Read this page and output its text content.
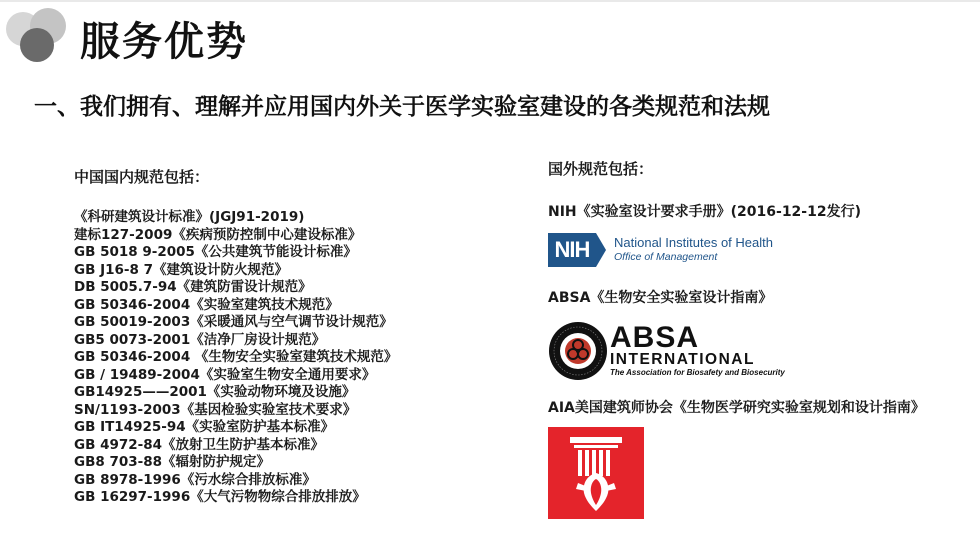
服务优势
一、我们拥有、理解并应用国内外关于医学实验室建设的各类规范和法规

中国国内规范包括：

《科研建筑设计标准》(JGJ91-2019)
建标127-2009《疾病预防控制中心建设标准》
GB 5018 9-2005《公共建筑节能设计标准》
GB J16-8 7《建筑设计防火规范》
DB 5005.7-94《建筑防雷设计规范》
GB 50346-2004《实验室建筑技术规范》
GB 50019-2003《采暖通风与空气调节设计规范》
GB5 0073-2001《洁净厂房设计规范》
GB 50346-2004 《生物安全实验室建筑技术规范》
GB / 19489-2004《实验室生物安全通用要求》
GB14925——2001《实验动物环境及设施》
SN/1193-2003《基因检验实验室技术要求》
GB IT14925-94《实验室防护基本标准》
GB 4972-84《放射卫生防护基本标准》
GB8 703-88《辐射防护规定》
GB 8978-1996《污水综合排放标准》
GB 16297-1996《大气污物物综合排放排放》

国外规范包括：

NIH《实验室设计要求手册》(2016-12-12发行)
NIH	National Institutes of Health
Office of Management
ABSA《生物安全实验室设计指南》
ABSA
INTERNATIONAL
The Association for Biosafety and Biosecurity
AIA美国建筑师协会《生物医学研究实验室规划和设计指南》
